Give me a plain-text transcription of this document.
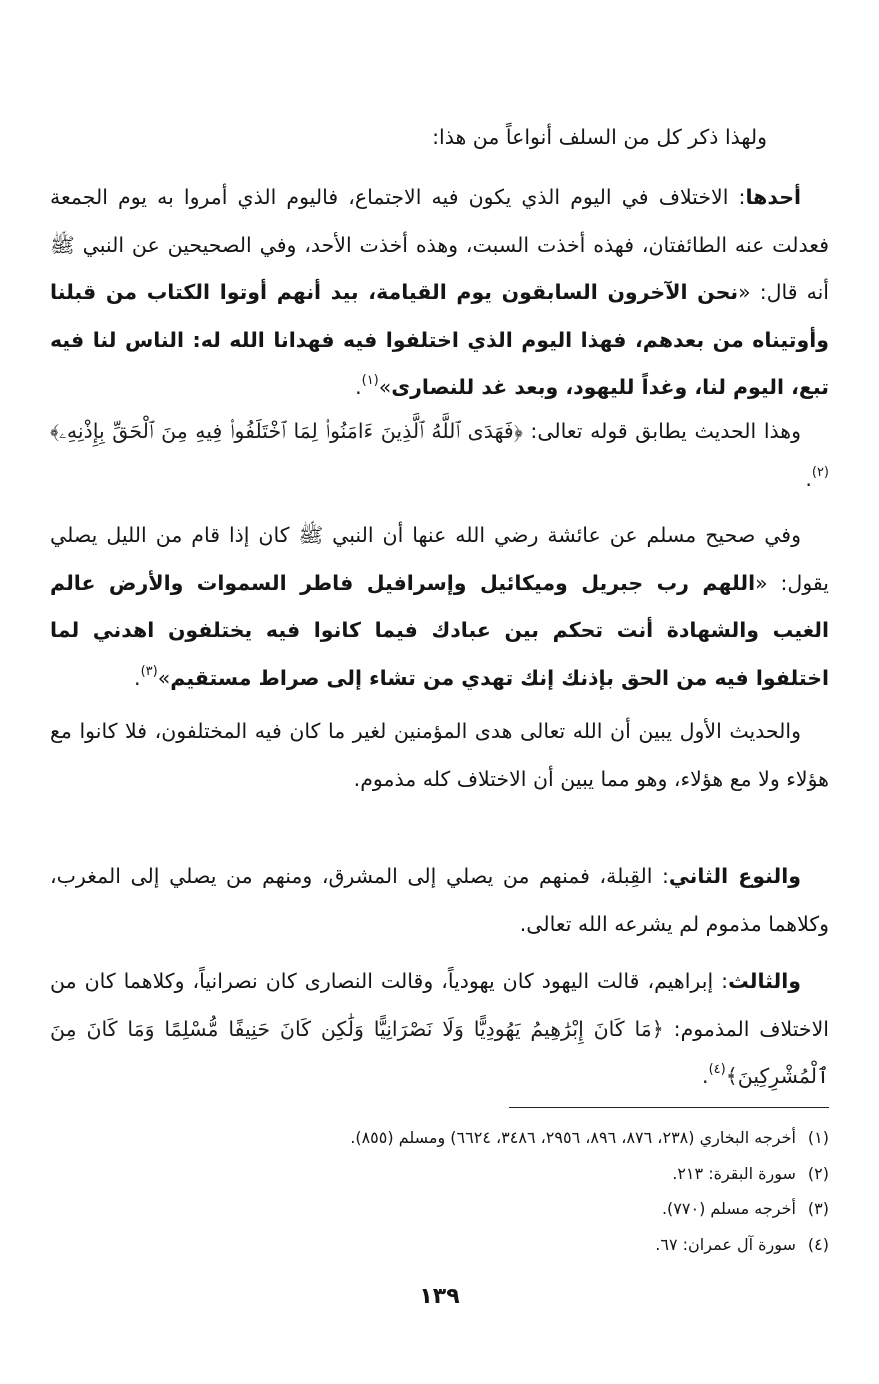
ولهذا ذكر كل من السلف أنواعاً من هذا:

أحدها: الاختلاف في اليوم الذي يكون فيه الاجتماع، فاليوم الذي أمروا به يوم الجمعة فعدلت عنه الطائفتان، فهذه أخذت السبت، وهذه أخذت الأحد، وفي الصحيحين عن النبي ﷺ أنه قال: «نحن الآخرون السابقون يوم القيامة، بيد أنهم أوتوا الكتاب من قبلنا وأوتيناه من بعدهم، فهذا اليوم الذي اختلفوا فيه فهدانا الله له: الناس لنا فيه تبع، اليوم لنا، وغداً لليهود، وبعد غد للنصارى»$^{(١)}$.

وهذا الحديث يطابق قوله تعالى: ﴿فَهَدَى ٱللَّهُ ٱلَّذِينَ ءَامَنُوا۟ لِمَا ٱخْتَلَفُوا۟ فِيهِ مِنَ ٱلْحَقِّ بِإِذْنِهِۦ﴾$^{(٢)}$.

وفي صحيح مسلم عن عائشة رضي الله عنها أن النبي ﷺ كان إذا قام من الليل يصلي يقول: «اللهم رب جبريل وميكائيل وإسرافيل فاطر السموات والأرض عالم الغيب والشهادة أنت تحكم بين عبادك فيما كانوا فيه يختلفون اهدني لما اختلفوا فيه من الحق بإذنك إنك تهدي من تشاء إلى صراط مستقيم»$^{(٣)}$.

والحديث الأول يبين أن الله تعالى هدى المؤمنين لغير ما كان فيه المختلفون، فلا كانوا مع هؤلاء ولا مع هؤلاء، وهو مما يبين أن الاختلاف كله مذموم.

والنوع الثاني: القِبلة، فمنهم من يصلي إلى المشرق، ومنهم من يصلي إلى المغرب، وكلاهما مذموم لم يشرعه الله تعالى.

والثالث: إبراهيم، قالت اليهود كان يهودياً، وقالت النصارى كان نصرانياً، وكلاهما كان من الاختلاف المذموم: ﴿مَا كَانَ إِبْرَٰهِيمُ يَهُودِيًّا وَلَا نَصْرَانِيًّا وَلَٰكِن كَانَ حَنِيفًا مُّسْلِمًا وَمَا كَانَ مِنَ ٱلْمُشْرِكِينَ﴾$^{(٤)}$.

(١) أخرجه البخاري (٢٣٨، ٨٧٦، ٨٩٦، ٢٩٥٦، ٣٤٨٦، ٦٦٢٤) ومسلم (٨٥٥).
(٢) سورة البقرة: ٢١٣.
(٣) أخرجه مسلم (٧٧٠).
(٤) سورة آل عمران: ٦٧.
١٣٩
